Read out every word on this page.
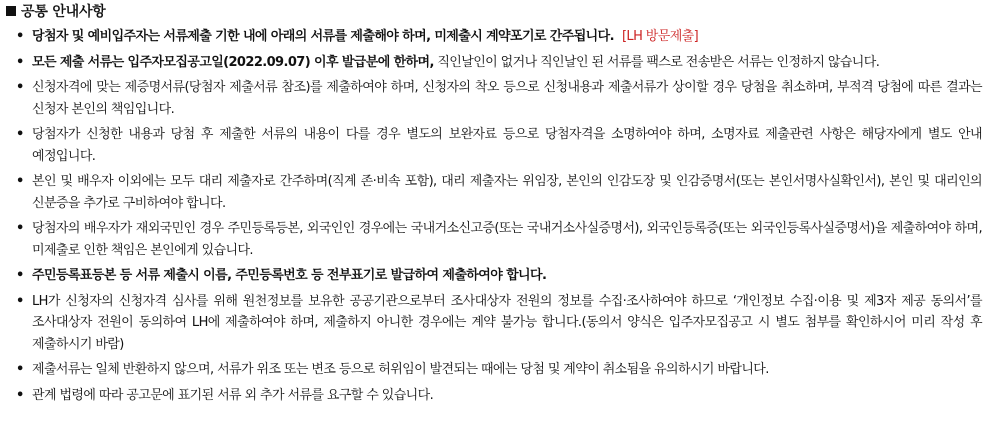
공통 안내사항
• 당첨자 및 예비입주자는 서류제출 기한 내에 아래의 서류를 제출해야 하며, 미제출시 계약포기로 간주됩니다. [LH 방문제출]
• 모든 제출 서류는 입주자모집공고일(2022.09.07) 이후 발급분에 한하며, 직인날인이 없거나 직인날인 된 서류를 팩스로 전송받은 서류는 인정하지 않습니다.
• 신청자격에 맞는 제증명서류(당첨자 제출서류 참조)를 제출하여야 하며, 신청자의 착오 등으로 신청내용과 제출서류가 상이할 경우 당첨을 취소하며, 부적격 당첨에 따른 결과는 신청자 본인의 책임입니다.
• 당첨자가 신청한 내용과 당첨 후 제출한 서류의 내용이 다를 경우 별도의 보완자료 등으로 당첨자격을 소명하여야 하며, 소명자료 제출관련 사항은 해당자에게 별도 안내 예정입니다.
• 본인 및 배우자 이외에는 모두 대리 제출자로 간주하며(직계 존·비속 포함), 대리 제출자는 위임장, 본인의 인감도장 및 인감증명서(또는 본인서명사실확인서), 본인 및 대리인의 신분증을 추가로 구비하여야 합니다.
• 당첨자의 배우자가 재외국민인 경우 주민등록등본, 외국인인 경우에는 국내거소신고증(또는 국내거소사실증명서), 외국인등록증(또는 외국인등록사실증명서)을 제출하여야 하며, 미제출로 인한 책임은 본인에게 있습니다.
• 주민등록표등본 등 서류 제출시 이름, 주민등록번호 등 전부표기로 발급하여 제출하여야 합니다.
• LH가 신청자의 신청자격 심사를 위해 원천정보를 보유한 공공기관으로부터 조사대상자 전원의 정보를 수집·조사하여야 하므로 ‘개인정보 수집·이용 및 제3자 제공 동의서’를 조사대상자 전원이 동의하여 LH에 제출하여야 하며, 제출하지 아니한 경우에는 계약 불가능 합니다.(동의서 양식은 입주자모집공고 시 별도 첨부를 확인하시어 미리 작성 후 제출하시기 바람)
• 제출서류는 일체 반환하지 않으며, 서류가 위조 또는 변조 등으로 허위임이 발견되는 때에는 당첨 및 계약이 취소됨을 유의하시기 바랍니다.
• 관계 법령에 따라 공고문에 표기된 서류 외 추가 서류를 요구할 수 있습니다.
